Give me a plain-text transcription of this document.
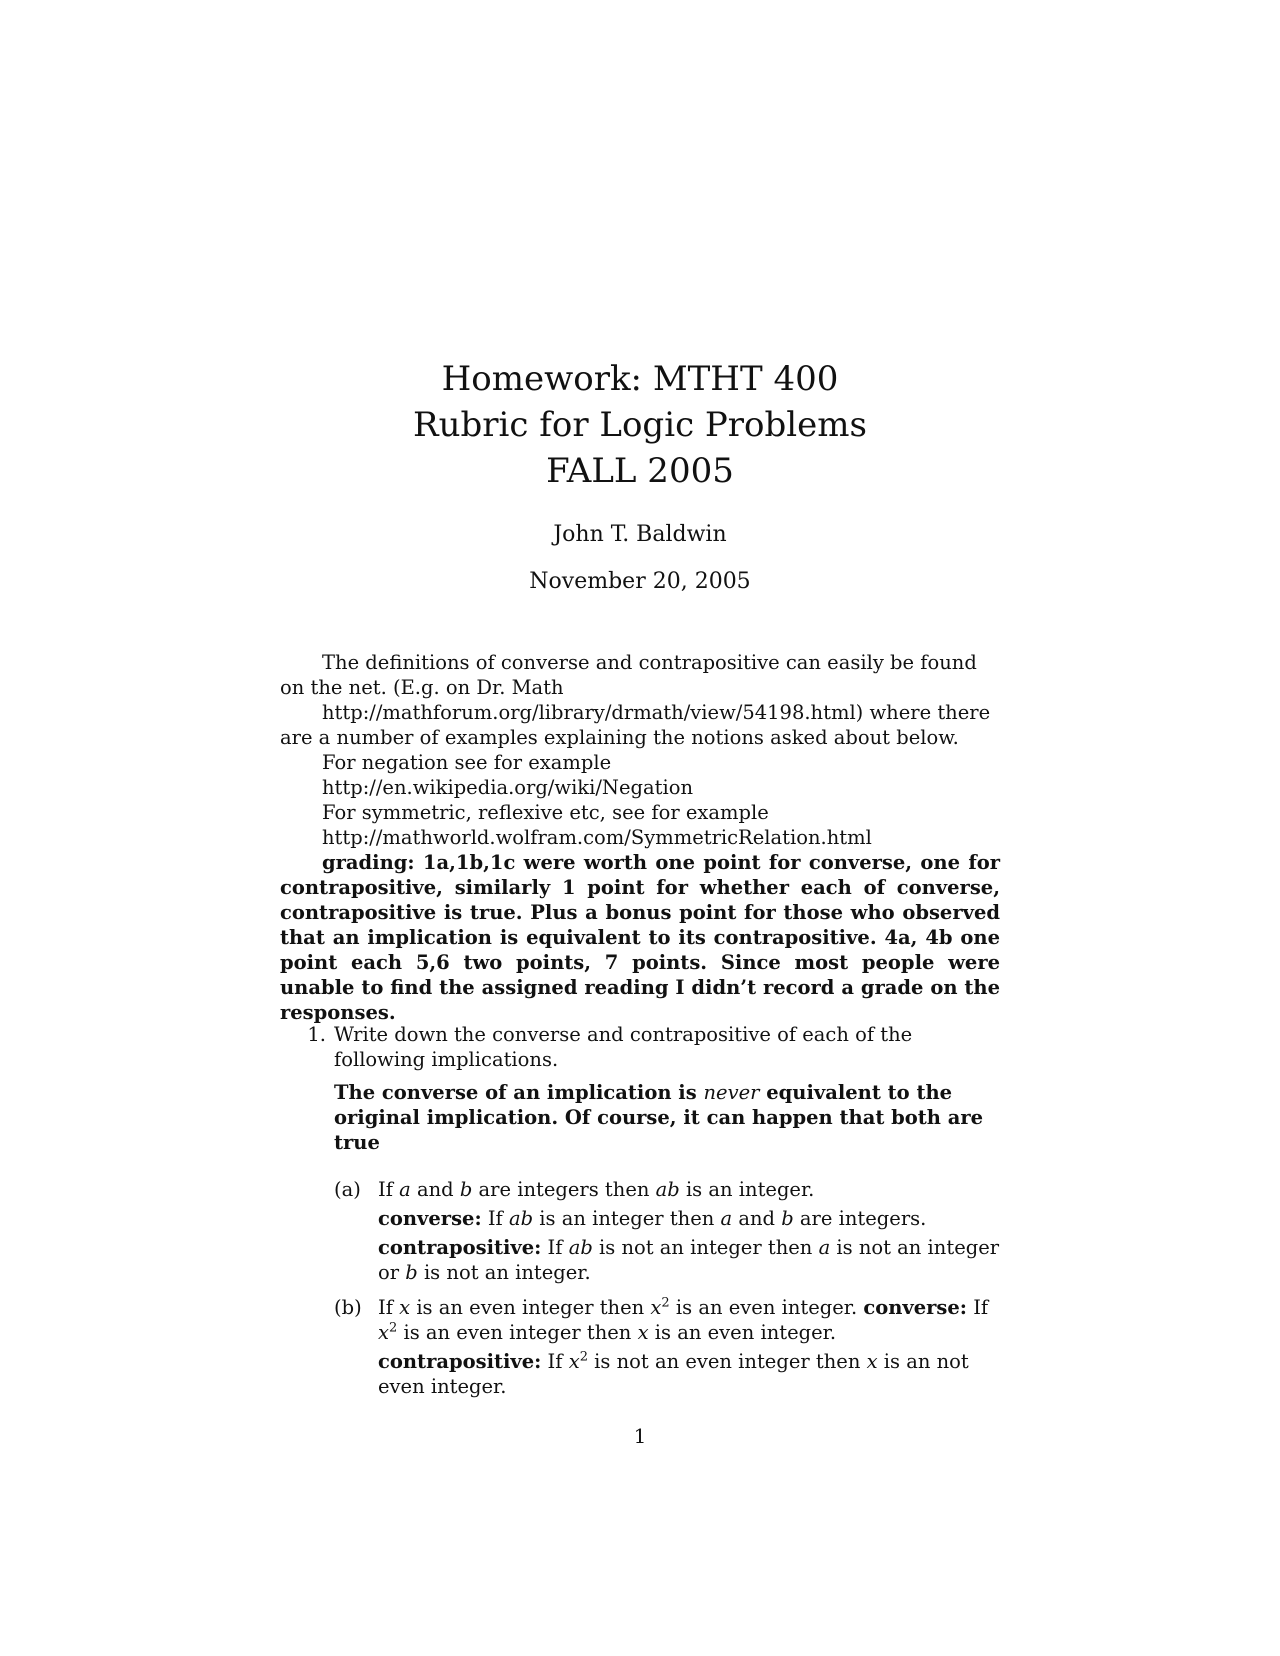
Homework: MTHT 400
Rubric for Logic Problems
FALL 2005
John T. Baldwin
November 20, 2005

The definitions of converse and contrapositive can easily be found on the net. (E.g. on Dr. Math

http://mathforum.org/library/drmath/view/54198.html) where there are a number of examples explaining the notions asked about below.

For negation see for example
http://en.wikipedia.org/wiki/Negation
For symmetric, reflexive etc, see for example
http://mathworld.wolfram.com/SymmetricRelation.html

grading: 1a,1b,1c were worth one point for converse, one for contrapositive, similarly 1 point for whether each of converse, contrapositive is true. Plus a bonus point for those who observed that an implication is equivalent to its contrapositive. 4a, 4b one point each 5,6 two points, 7 points. Since most people were unable to find the assigned reading I didn’t record a grade on the responses.

1. Write down the converse and contrapositive of each of the following implications.
The converse of an implication is never equivalent to the original implication. Of course, it can happen that both are true
(a) If a and b are integers then ab is an integer.
converse: If ab is an integer then a and b are integers.
contrapositive: If ab is not an integer then a is not an integer or b is not an integer.
(b) If x is an even integer then $x^2$ is an even integer. converse: If $x^2$ is an even integer then x is an even integer.
contrapositive: If $x^2$ is not an even integer then x is an not even integer.
1
